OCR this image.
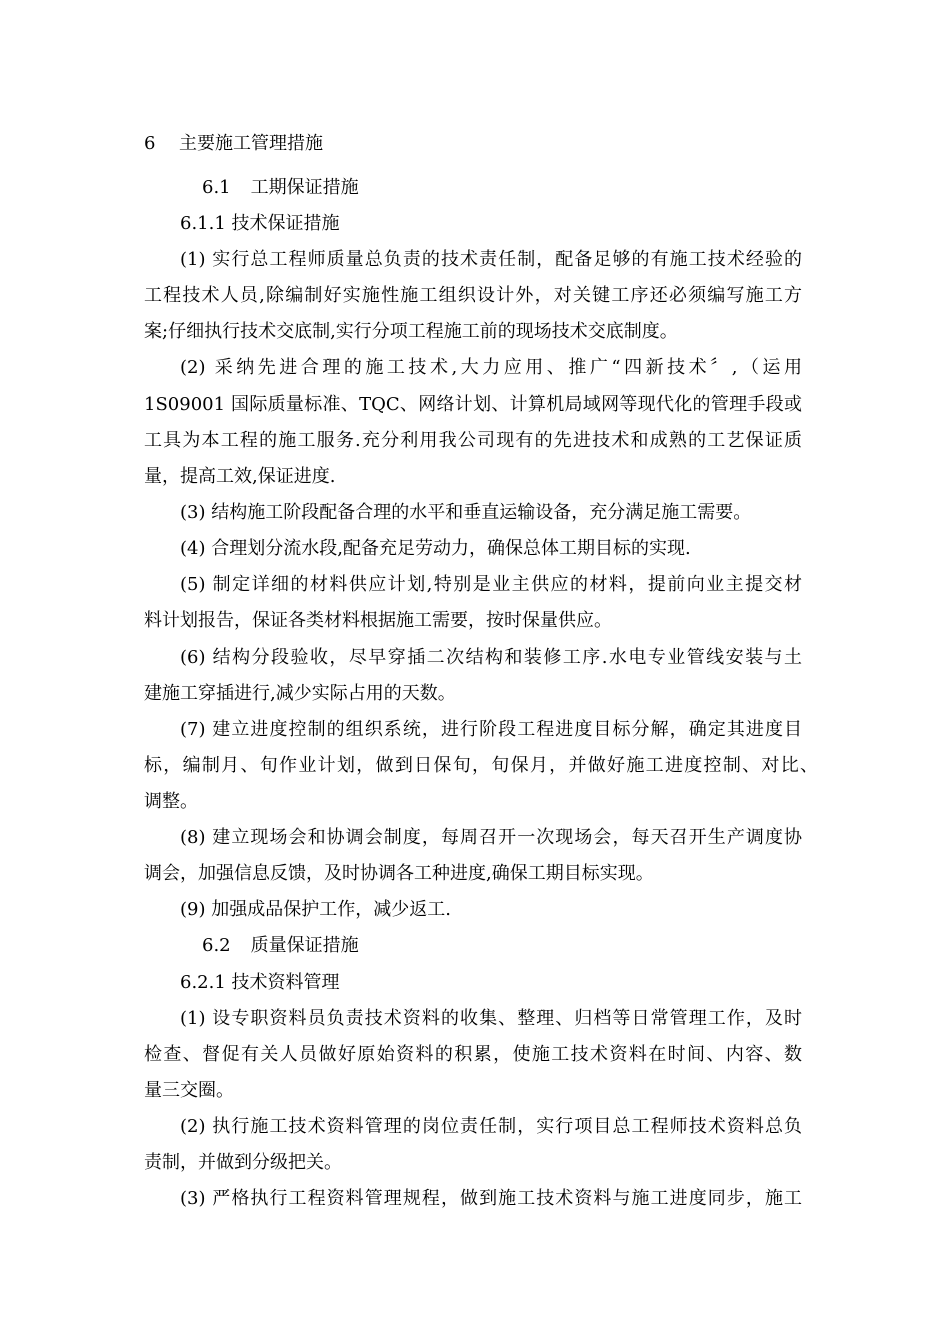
6 主要施工管理措施
6.1 工期保证措施
6.1.1 技术保证措施
(1) 实行总工程师质量总负责的技术责任制，配备足够的有施工技术经验的
工程技术人员,除编制好实施性施工组织设计外，对关键工序还必须编写施工方
案;仔细执行技术交底制,实行分项工程施工前的现场技术交底制度。
(2) 采纳先进合理的施工技术,大力应用、推广“四新技术〞,（运用
1S09001 国际质量标准、TQC、网络计划、计算机局域网等现代化的管理手段或
工具为本工程的施工服务.充分利用我公司现有的先进技术和成熟的工艺保证质
量，提高工效,保证进度.
(3) 结构施工阶段配备合理的水平和垂直运输设备，充分满足施工需要。
(4) 合理划分流水段,配备充足劳动力，确保总体工期目标的实现.
(5) 制定详细的材料供应计划,特别是业主供应的材料，提前向业主提交材
料计划报告，保证各类材料根据施工需要，按时保量供应。
(6) 结构分段验收，尽早穿插二次结构和装修工序.水电专业管线安装与土
建施工穿插进行,减少实际占用的天数。
(7) 建立进度控制的组织系统，进行阶段工程进度目标分解，确定其进度目
标，编制月、旬作业计划，做到日保旬，旬保月，并做好施工进度控制、对比、
调整。
(8) 建立现场会和协调会制度，每周召开一次现场会，每天召开生产调度协
调会，加强信息反馈，及时协调各工种进度,确保工期目标实现。
(9) 加强成品保护工作，减少返工.
6.2 质量保证措施
6.2.1 技术资料管理
(1) 设专职资料员负责技术资料的收集、整理、归档等日常管理工作，及时
检查、督促有关人员做好原始资料的积累，使施工技术资料在时间、内容、数
量三交圈。
(2) 执行施工技术资料管理的岗位责任制，实行项目总工程师技术资料总负
责制，并做到分级把关。
(3) 严格执行工程资料管理规程，做到施工技术资料与施工进度同步，施工
